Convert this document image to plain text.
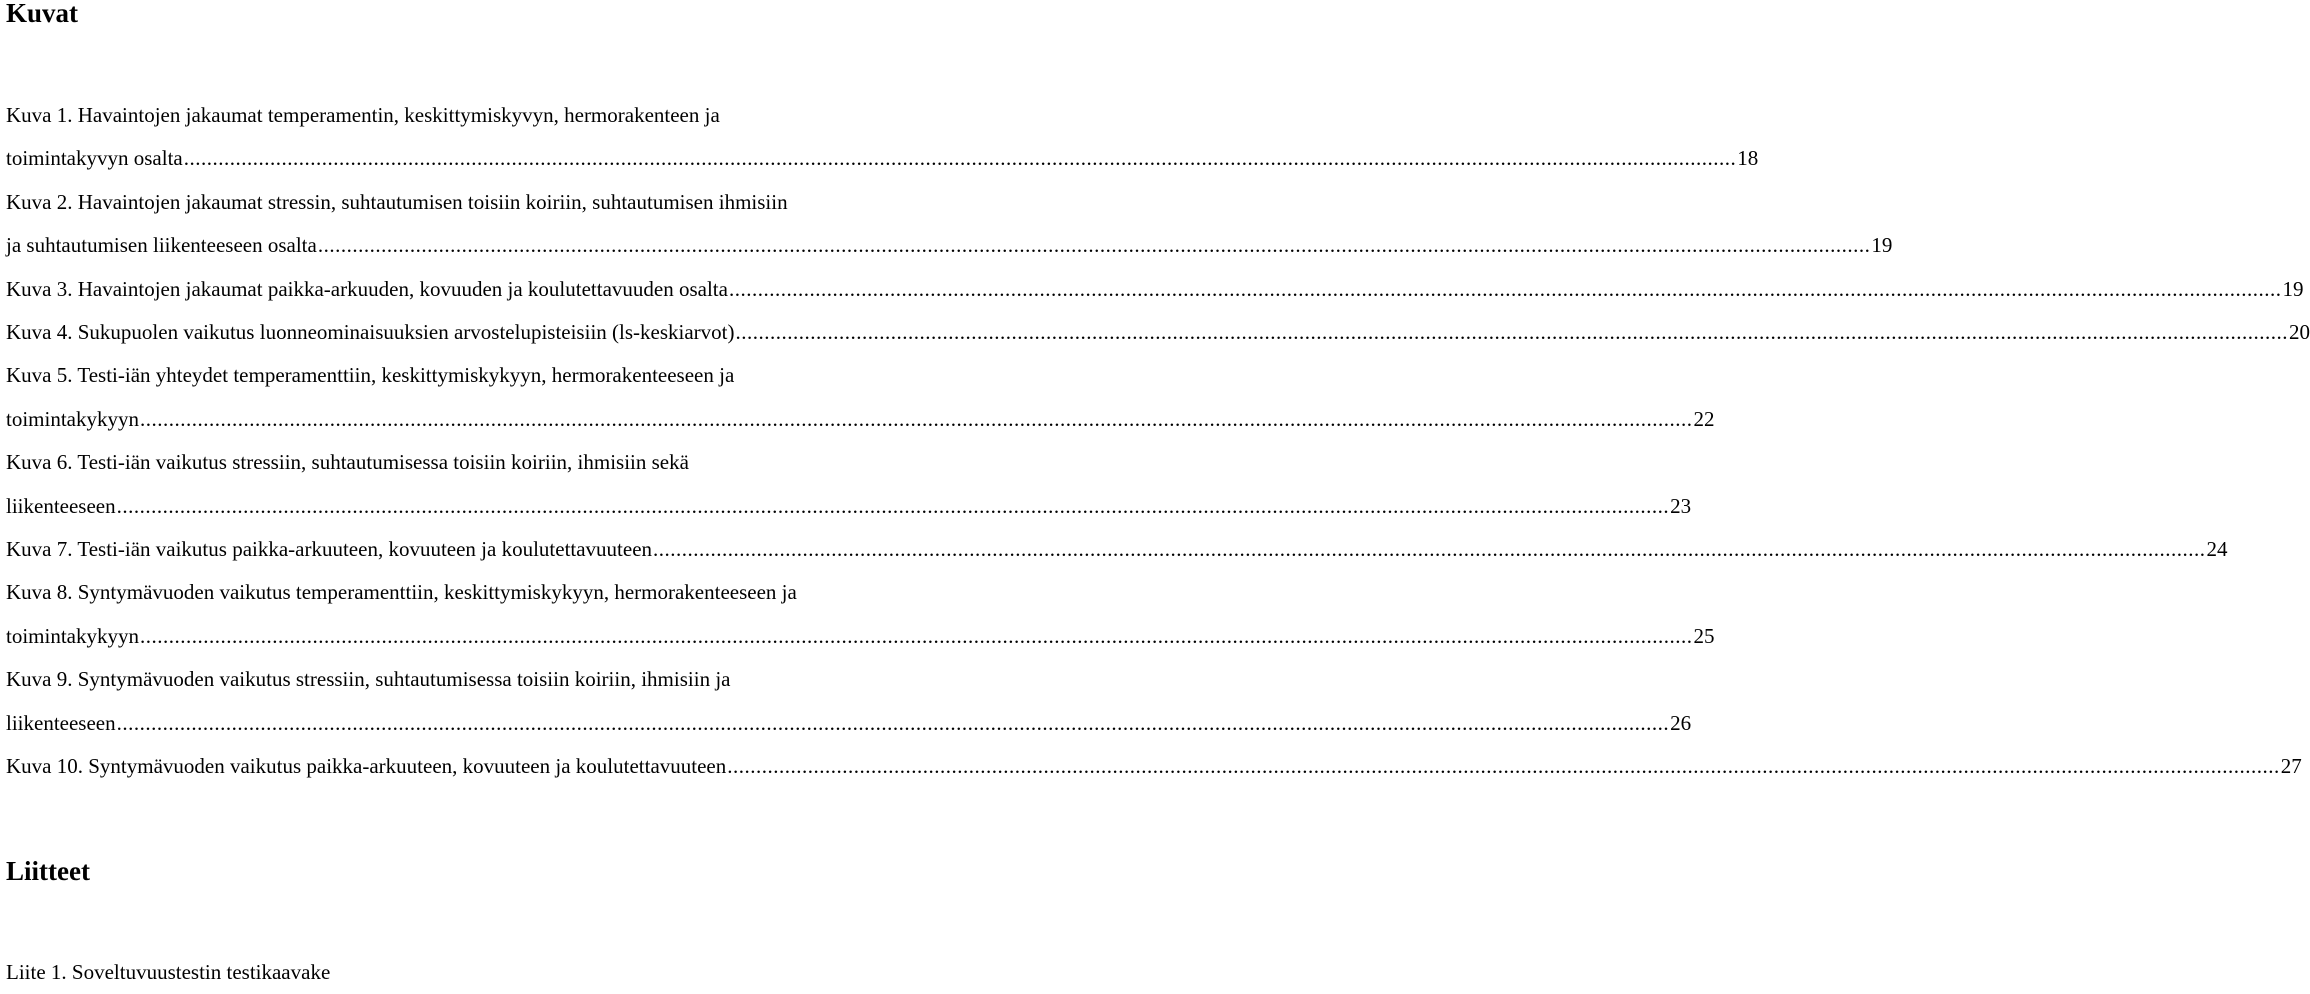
Kuvat
Kuva 1. Havaintojen jakaumat temperamentin, keskittymiskyvyn, hermorakenteen ja
toimintakyvyn osalta .....	18
Kuva 2. Havaintojen jakaumat stressin, suhtautumisen toisiin koiriin, suhtautumisen ihmisiin
ja suhtautumisen liikenteeseen osalta .....	19
Kuva 3. Havaintojen jakaumat paikka-arkuuden, kovuuden ja koulutettavuuden osalta .....	19
Kuva 4. Sukupuolen vaikutus luonneominaisuuksien arvostelupisteisiin (ls-keskiarvot) .....	20
Kuva 5. Testi-iän yhteydet temperamenttiin, keskittymiskykyyn, hermorakenteeseen ja
toimintakykyyn .....	22
Kuva 6. Testi-iän vaikutus stressiin, suhtautumisessa toisiin koiriin, ihmisiin sekä
liikenteeseen .....	23
Kuva 7. Testi-iän vaikutus paikka-arkuuteen, kovuuteen ja koulutettavuuteen .....	24
Kuva 8. Syntymävuoden vaikutus temperamenttiin, keskittymiskykyyn, hermorakenteeseen ja
toimintakykyyn .....	25
Kuva 9. Syntymävuoden vaikutus stressiin, suhtautumisessa toisiin koiriin, ihmisiin ja
liikenteeseen .....	26
Kuva 10. Syntymävuoden vaikutus paikka-arkuuteen, kovuuteen ja koulutettavuuteen .....	27
Liitteet
Liite 1. Soveltuvuustestin testikaavake
